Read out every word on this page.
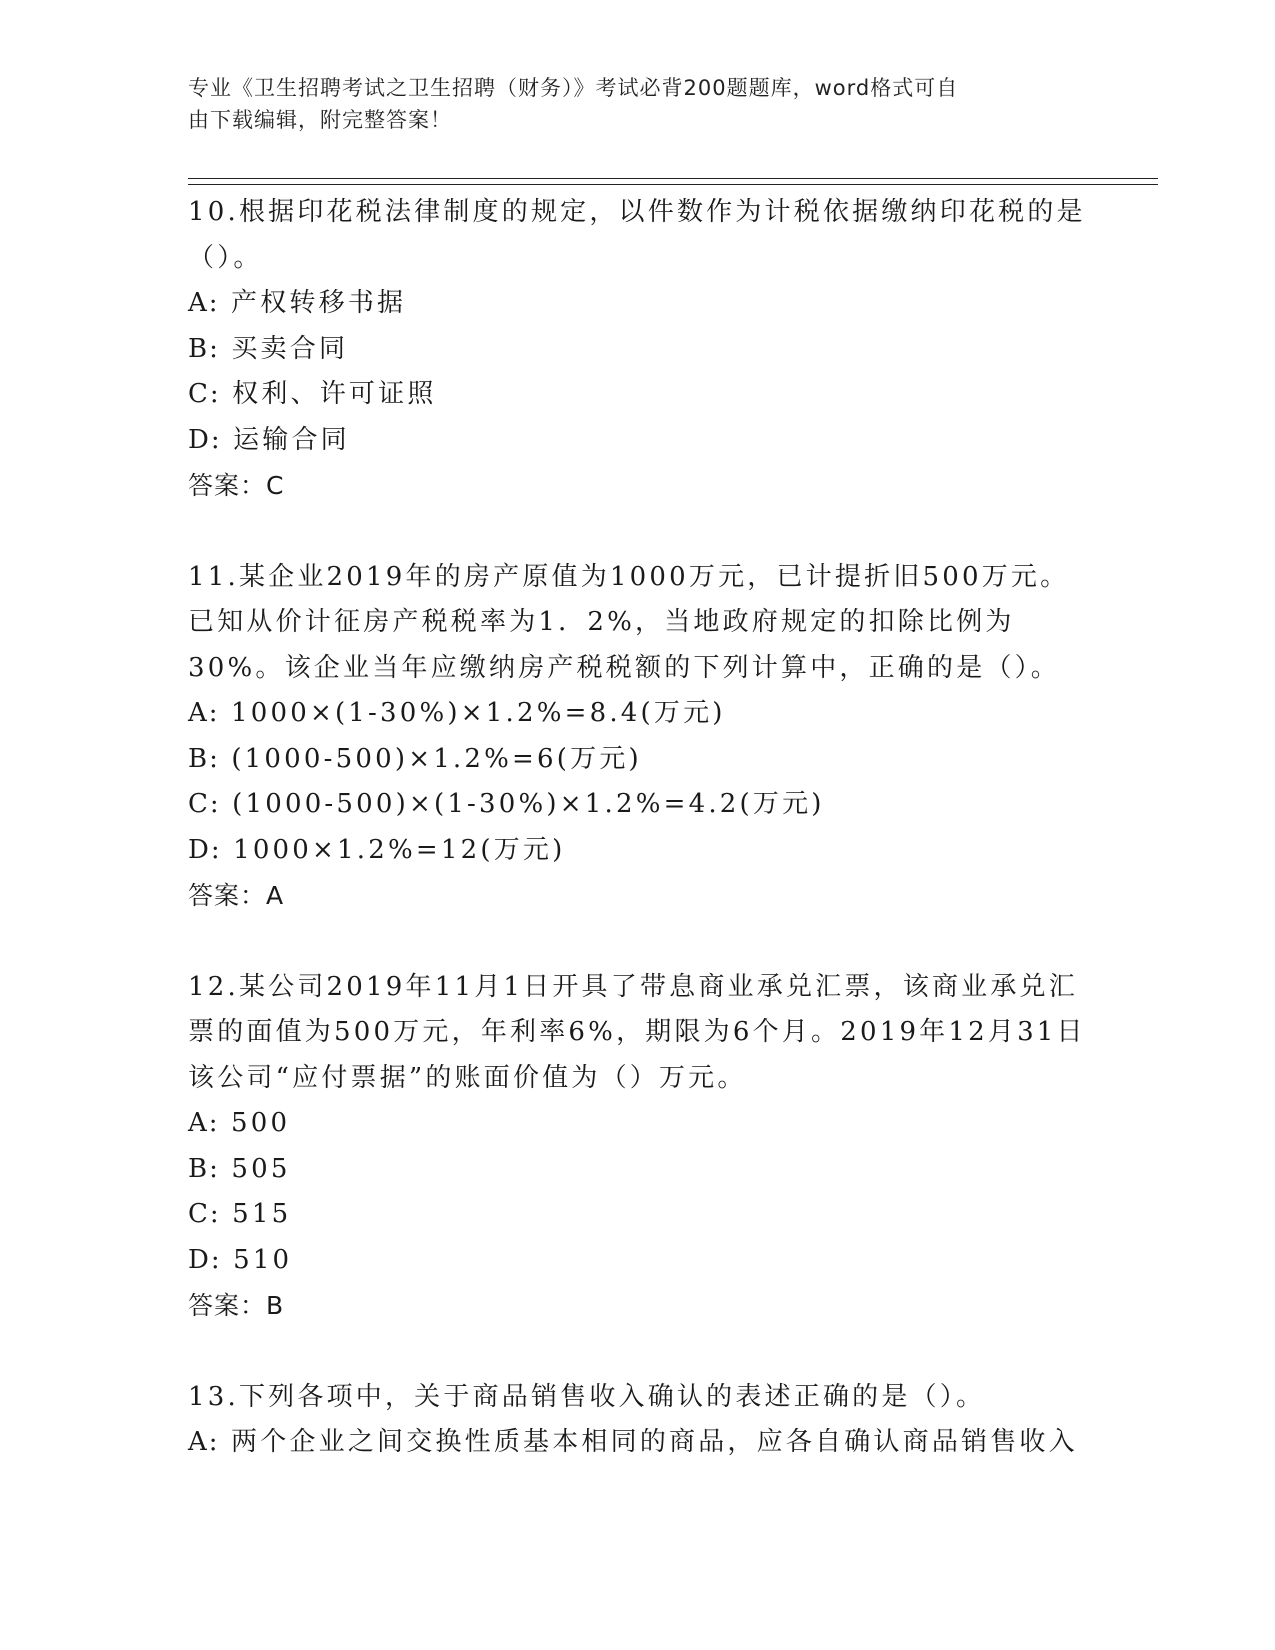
专业《卫生招聘考试之卫生招聘（财务）》考试必背200题题库，word格式可自
由下载编辑，附完整答案！

10.根据印花税法律制度的规定，以件数作为计税依据缴纳印花税的是（）。

A: 产权转移书据

B: 买卖合同

C: 权利、许可证照

D: 运输合同

答案：C

11.某企业2019年的房产原值为1000万元，已计提折旧500万元。已知从价计征房产税税率为1．2%，当地政府规定的扣除比例为30%。该企业当年应缴纳房产税税额的下列计算中，正确的是（）。

A: 1000×(1-30%)×1.2%=8.4(万元)

B: (1000-500)×1.2%=6(万元)

C: (1000-500)×(1-30%)×1.2%=4.2(万元)

D: 1000×1.2%=12(万元)

答案：A

12.某公司2019年11月1日开具了带息商业承兑汇票，该商业承兑汇票的面值为500万元，年利率6%，期限为6个月。2019年12月31日该公司“应付票据”的账面价值为（）万元。

A: 500

B: 505

C: 515

D: 510

答案：B

13.下列各项中，关于商品销售收入确认的表述正确的是（）。

A: 两个企业之间交换性质基本相同的商品，应各自确认商品销售收入
